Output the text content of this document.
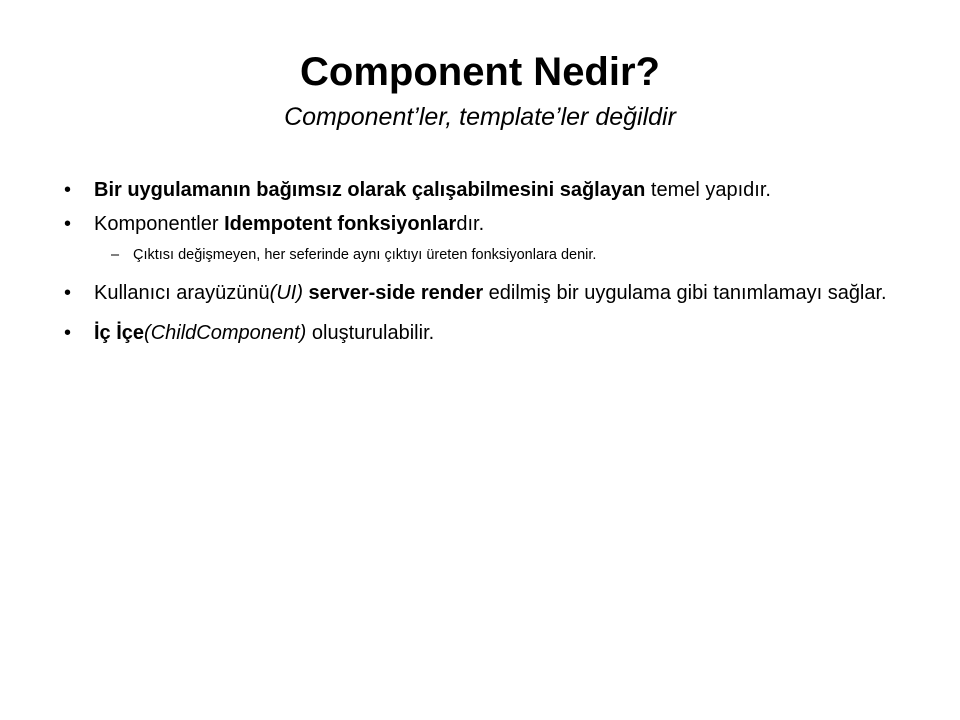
Component Nedir?
Component’ler, template’ler değildir
• Bir uygulamanın bağımsız olarak çalışabilmesini sağlayan temel yapıdır.
• Komponentler Idempotent fonksiyonlardır.
– Çıktısı değişmeyen, her seferinde aynı çıktıyı üreten fonksiyonlara denir.
• Kullanıcı arayüzünü(UI) server-side render edilmiş bir uygulama gibi tanımlamayı sağlar.
• İç İçe(ChildComponent) oluşturulabilir.
